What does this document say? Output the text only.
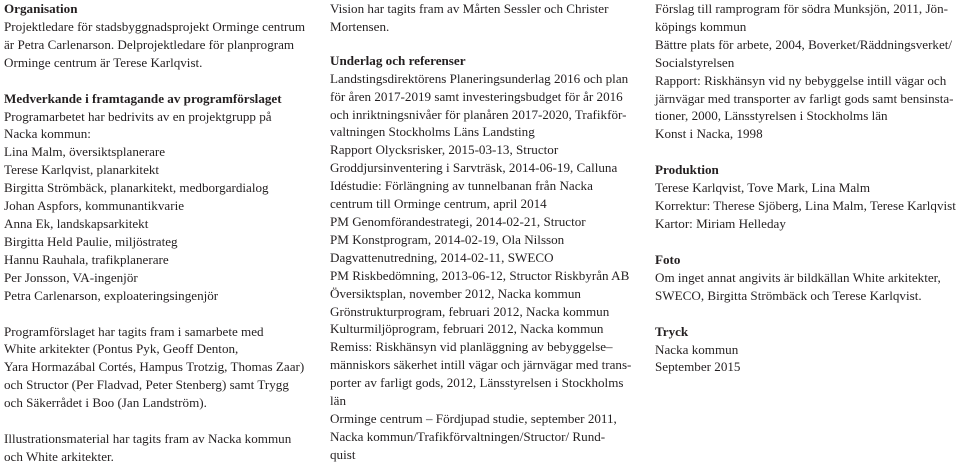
Organisation
Projektledare för stadsbyggnadsprojekt Orminge centrum
är Petra Carlenarson. Delprojektledare för planprogram
Orminge centrum är Terese Karlqvist.
Medverkande i framtagande av programförslaget
Programarbetet har bedrivits av en projektgrupp på
Nacka kommun:
Lina Malm, översiktsplanerare
Terese Karlqvist, planarkitekt
Birgitta Strömbäck, planarkitekt, medborgardialog
Johan Aspfors, kommunantikvarie
Anna Ek, landskapsarkitekt
Birgitta Held Paulie, miljöstrateg
Hannu Rauhala, trafikplanerare
Per Jonsson, VA-ingenjör
Petra Carlenarson, exploateringsingenjör
Programförslaget har tagits fram i samarbete med
White arkitekter (Pontus Pyk, Geoff Denton,
Yara Hormazábal Cortés, Hampus Trotzig, Thomas Zaar)
och Structor (Per Fladvad, Peter Stenberg) samt Trygg
och Säkerrådet i Boo (Jan Landström).
Illustrationsmaterial har tagits fram av Nacka kommun
och White arkitekter.
Vision har tagits fram av Mårten Sessler och Christer
Mortensen.
Underlag och referenser
Landstingsdirektörens Planeringsunderlag 2016 och plan
för åren 2017-2019 samt investeringsbudget för år 2016
och inriktningsnivåer för planåren 2017-2020, Trafikför-
valtningen Stockholms Läns Landsting
Rapport Olycksrisker, 2015-03-13, Structor
Groddjursinventering i Sarvträsk, 2014-06-19, Calluna
Idéstudie: Förlängning av tunnelbanan från Nacka
centrum till Orminge centrum, april 2014
PM Genomförandestrategi, 2014-02-21, Structor
PM Konstprogram, 2014-02-19, Ola Nilsson
Dagvattenutredning, 2014-02-11, SWECO
PM Riskbedömning, 2013-06-12, Structor Riskbyrån AB
Översiktsplan, november 2012, Nacka kommun
Grönstrukturprogram, februari 2012, Nacka kommun
Kulturmiljöprogram, februari 2012, Nacka kommun
Remiss: Riskhänsyn vid planläggning av bebyggelse–
människors säkerhet intill vägar och järnvägar med trans-
porter av farligt gods, 2012, Länsstyrelsen i Stockholms
län
Orminge centrum – Fördjupad studie, september 2011,
Nacka kommun/Trafikförvaltningen/Structor/ Rund-
quist
Förslag till ramprogram för södra Munksjön, 2011, Jön-
köpings kommun
Bättre plats för arbete, 2004, Boverket/Räddningsverket/
Socialstyrelsen
Rapport: Riskhänsyn vid ny bebyggelse intill vägar och
järnvägar med transporter av farligt gods samt bensinsta-
tioner, 2000, Länsstyrelsen i Stockholms län
Konst i Nacka, 1998
Produktion
Terese Karlqvist, Tove Mark, Lina Malm
Korrektur: Therese Sjöberg, Lina Malm, Terese Karlqvist
Kartor: Miriam Helleday
Foto
Om inget annat angivits är bildkällan White arkitekter,
SWECO, Birgitta Strömbäck och Terese Karlqvist.
Tryck
Nacka kommun
September 2015
